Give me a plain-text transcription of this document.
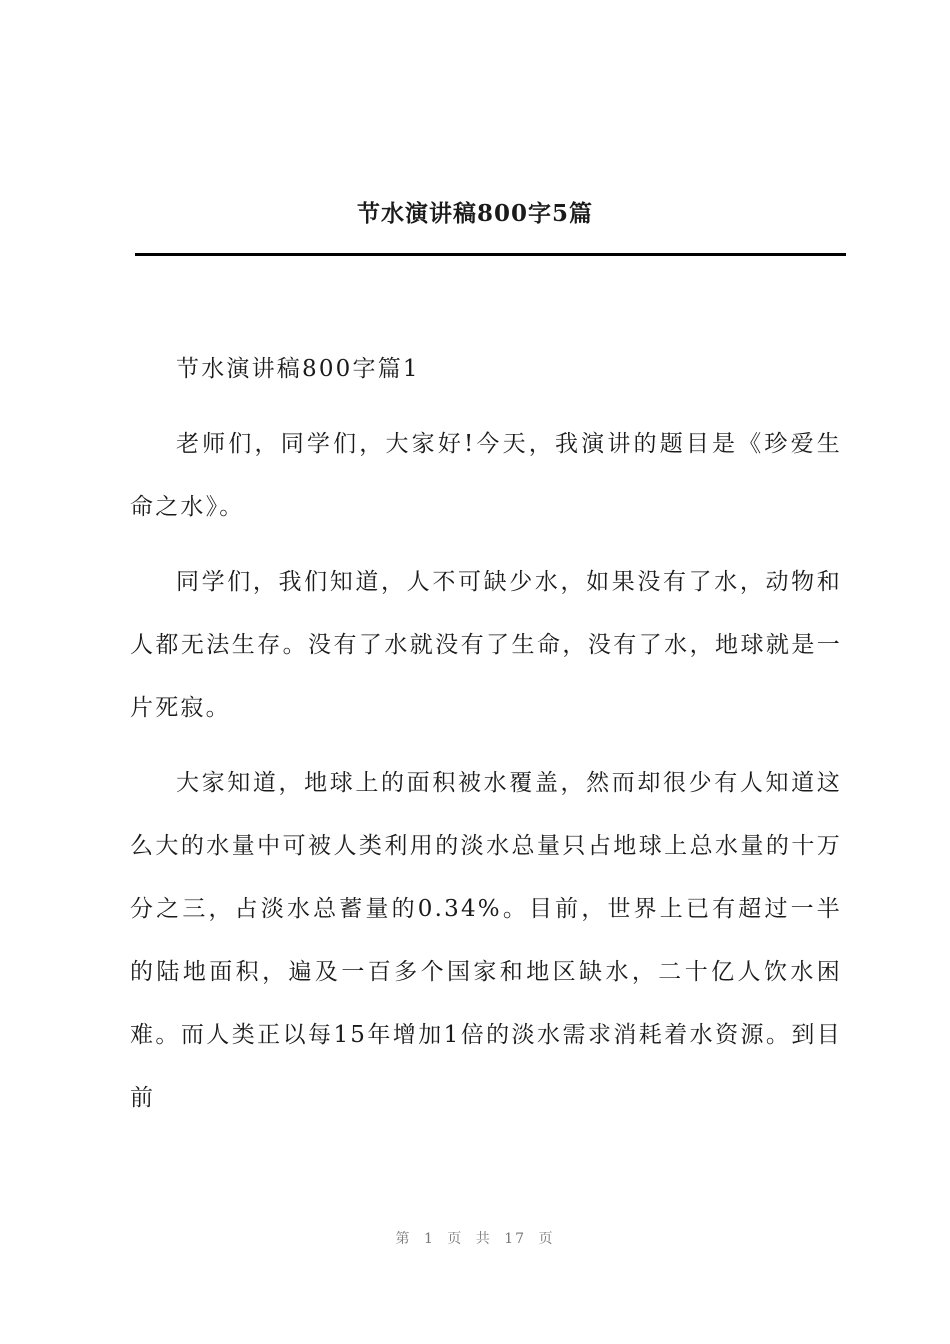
节水演讲稿800字5篇

节水演讲稿800字篇1

老师们，同学们，大家好!今天，我演讲的题目是《珍爱生命之水》。

同学们，我们知道，人不可缺少水，如果没有了水，动物和人都无法生存。没有了水就没有了生命，没有了水，地球就是一片死寂。

大家知道，地球上的面积被水覆盖，然而却很少有人知道这么大的水量中可被人类利用的淡水总量只占地球上总水量的十万分之三，占淡水总蓄量的0.34%。目前，世界上已有超过一半的陆地面积，遍及一百多个国家和地区缺水，二十亿人饮水困难。而人类正以每15年增加1倍的淡水需求消耗着水资源。到目前

第 1 页 共 17 页
